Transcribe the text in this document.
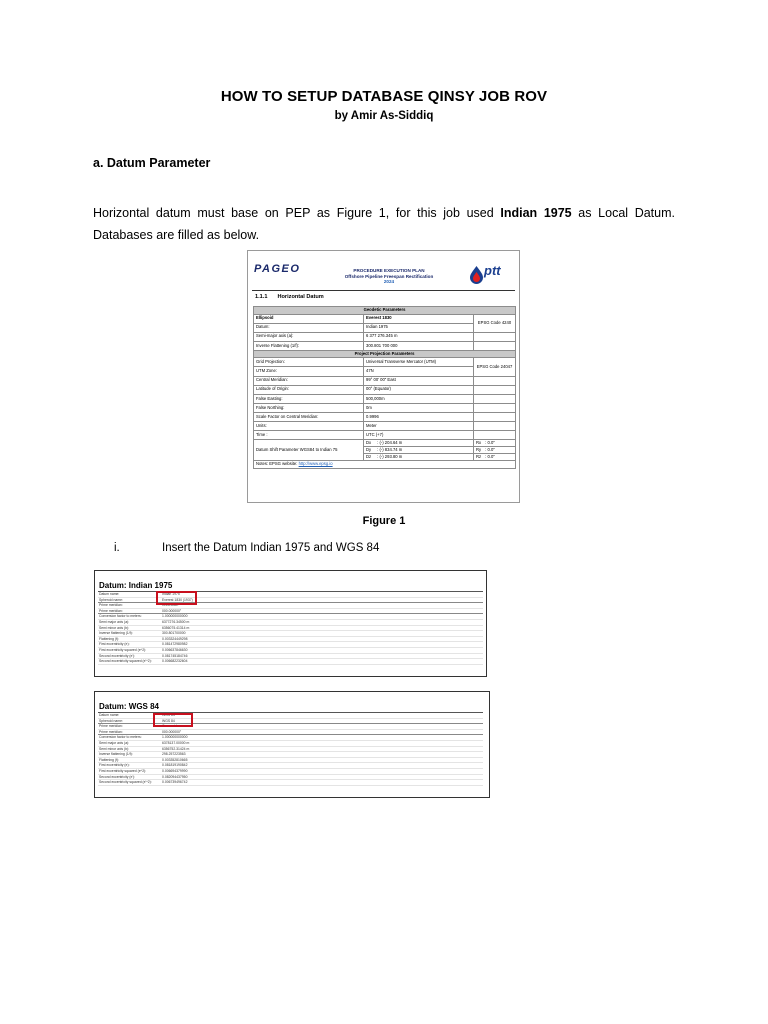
HOW TO SETUP DATABASE QINSY JOB ROV
by Amir As-Siddiq
a. Datum Parameter
Horizontal datum must base on PEP as Figure 1, for this job used Indian 1975 as Local Datum. Databases are filled as below.
PAGEO	PROCEDURE EXECUTION PLAN
Offshore Pipeline Freespan Rectification
2024
ptt
1.1.1 Horizontal Datum
Geodetic Parameters		
Ellipsoid	Everest 1830	EPSG Code 4240
Datum:	Indian 1975	
Semi-major axis (a):	6 377 276.345 m	
Inverse Flattening (1/f):	300.801 700 000	
Project Projection Parameters		
Grid Projection:	Universal Transverse Mercator (UTM)	EPSG Code 24047
UTM Zone:	47N	
Central Meridian:	99° 00' 00" East	
Latitude of Origin:	00° (Equator)	
False Easting:	500,000m	
False Northing:	0m	
Scale Factor on Central Meridian:	0.9996	
Units:	Meter	
Time :	UTC (+7)	
Datum Shift Parameter WGS84 to Indian 75	Dx : (-) 204.64 m	Rx : 0.0"

	Dy : (-) 834.74 m	Ry : 0.0"

	Dz : (-) 293.80 m	Rz : 0.0"

Notes: EPSG website: http://www.epsg.io		
Figure 1
i.	Insert the Datum Indian 1975 and WGS 84
Datum: Indian 1975
Datum name:	Indian 1975
Spheroid name:	Everest 1830 (1937)
Prime meridian:	Greenwich
Prime meridian:	000.000000°
Conversion factor to meters:	1.000000000000
Semi major axis (a):	6377276.34500 m
Semi minor axis (b):	6356075.41314 m
Inverse flattening (1/f):	300.801700000
Flattening (f):	0.003324449298
First eccentricity (e):	0.081472980982
First eccentricity squared (e^2):	0.006637846630
Second eccentricity (e'):	0.081745184746
Second eccentricity squared (e'^2):	0.006682232604
Datum: WGS 84
Datum name:	WGS 84
Spheroid name:	WGS 84
Prime meridian:	Greenwich
Prime meridian:	000.000000°
Conversion factor to meters:	1.000000000000
Semi major axis (a):	6378137.00000 m
Semi minor axis (b):	6356752.31424 m
Inverse flattening (1/f):	298.257223563
Flattening (f):	0.003352810665
First eccentricity (e):	0.081819190842
First eccentricity squared (e^2):	0.006694379990
Second eccentricity (e'):	0.082094437950
Second eccentricity squared (e'^2):	0.006739496742
